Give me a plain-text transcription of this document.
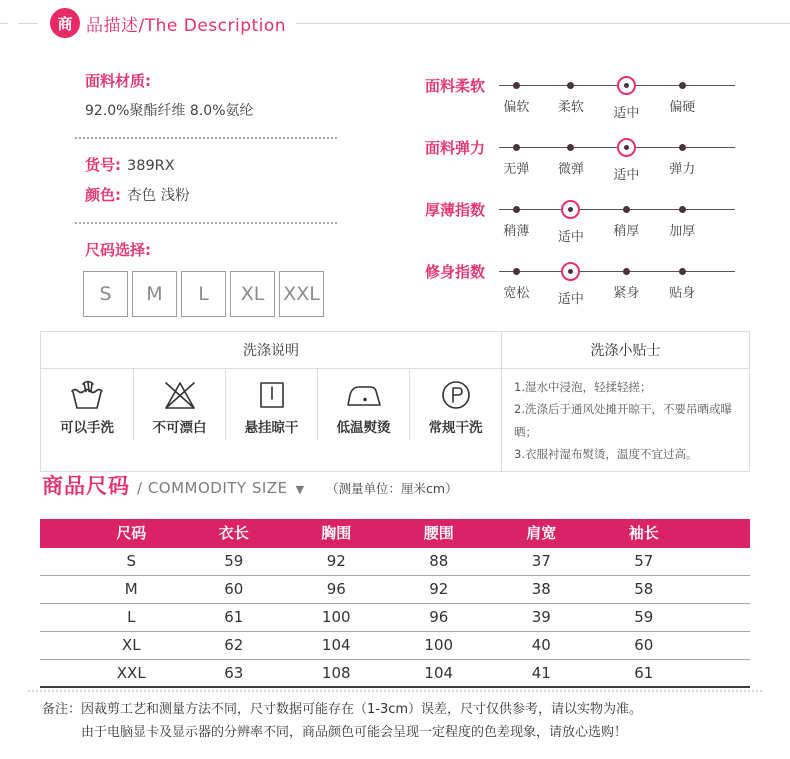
商 品描述/The Description
面料材质:
92.0%聚酯纤维 8.0%氨纶
货号: 389RX
颜色: 杏色 浅粉
尺码选择:
S	M	L	XL XXL
面料柔软
偏软	柔软	适中	偏硬
面料弹力
无弹	微弹	适中	弹力
厚薄指数
稍薄	适中	稍厚	加厚
修身指数
宽松	适中	紧身	贴身
洗涤说明	洗涤小贴士
可以手洗	不可漂白	悬挂晾干	低温熨烫	常规干洗
1.湿水中浸泡，轻揉轻搓；
2.洗涤后于通风处摊开晾干，不要吊晒或曝晒；
3.衣服衬湿布熨烫，温度不宜过高。
商品尺码 / COMMODITY SIZE ▼ （测量单位：厘米cm）
尺码	衣长	胸围	腰围	肩宽	袖长
S	59	92	88	37	57
M	60	96	92	38	58
L	61	100	96	39	59
XL	62	104	100	40	60
XXL	63	108	104	41	61
备注： 因裁剪工艺和测量方法不同，尺寸数据可能存在（1-3cm）误差，尺寸仅供参考，请以实物为准。
由于电脑显卡及显示器的分辨率不同，商品颜色可能会呈现一定程度的色差现象，请放心选购！
